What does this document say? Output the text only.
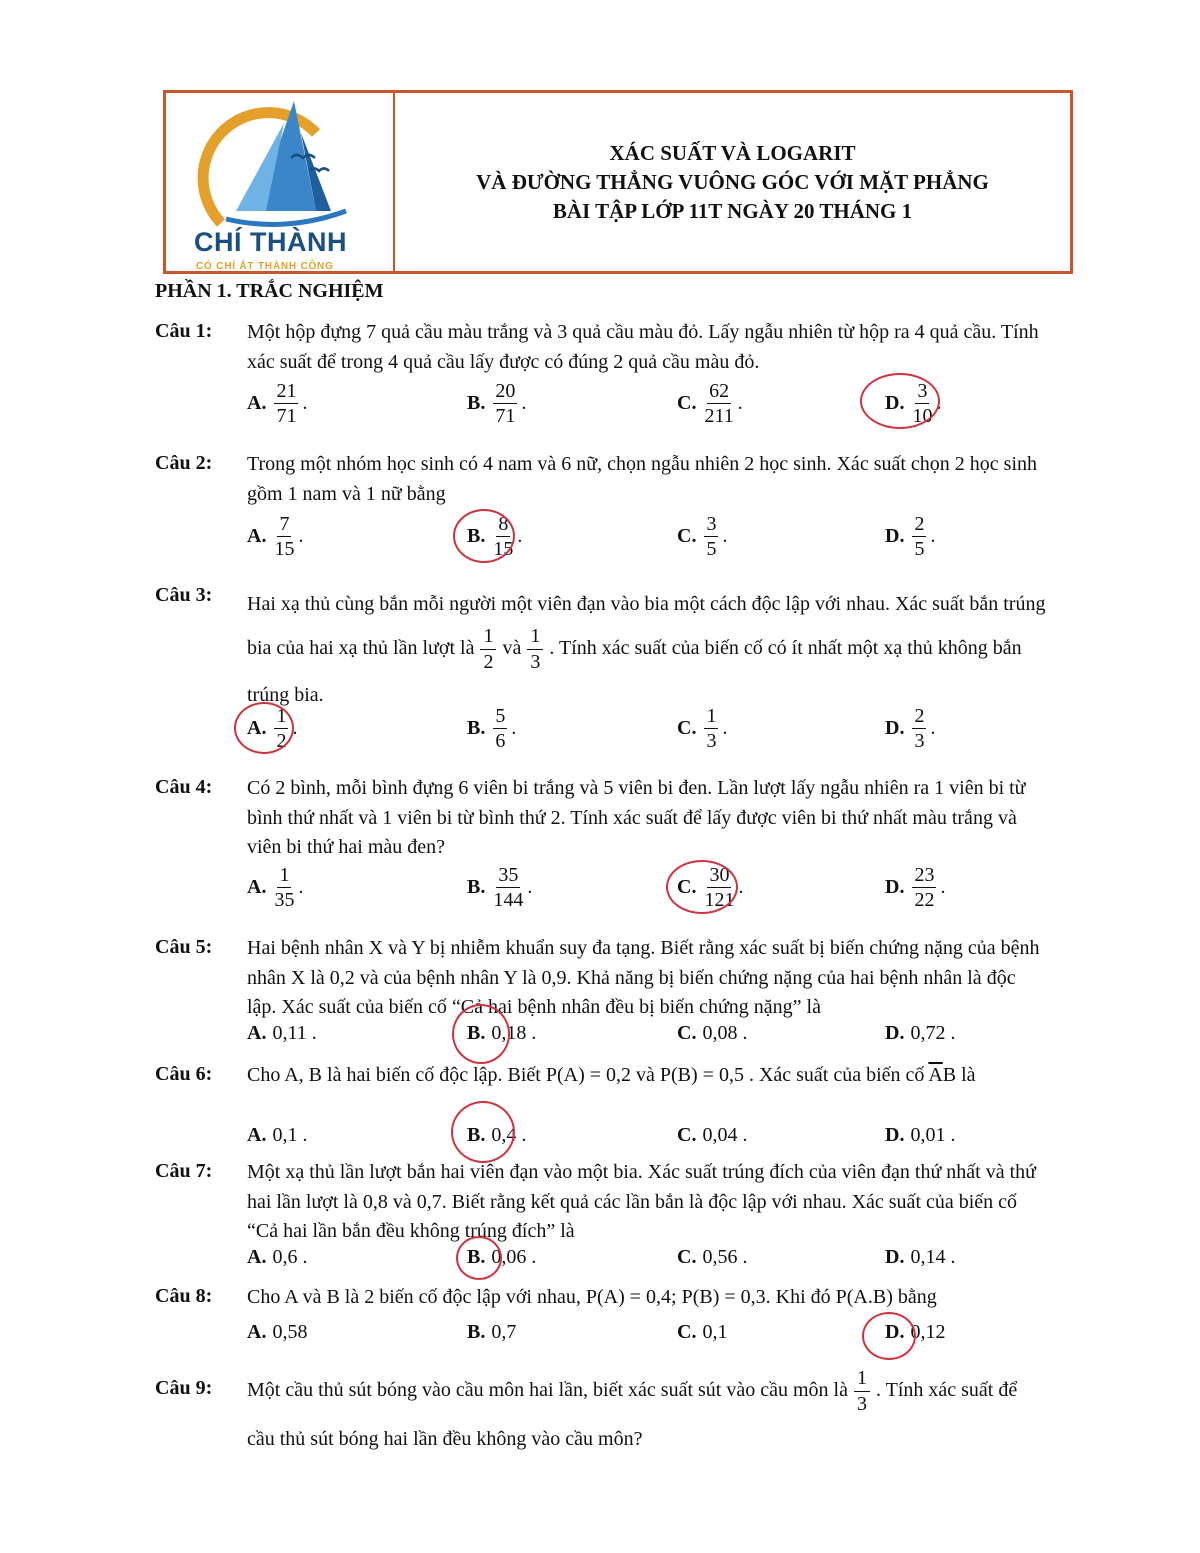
CHÍ THÀNH
CÓ CHÍ ẮT THÀNH CÔNG
XÁC SUẤT VÀ LOGARIT
VÀ ĐƯỜNG THẲNG VUÔNG GÓC VỚI MẶT PHẲNG
BÀI TẬP LỚP 11T NGÀY 20 THÁNG 1
PHẦN 1. TRẮC NGHIỆM
Câu 1: Một hộp đựng 7 quả cầu màu trắng và 3 quả cầu màu đỏ. Lấy ngẫu nhiên từ hộp ra 4 quả cầu. Tính xác suất để trong 4 quả cầu lấy được có đúng 2 quả cầu màu đỏ.
A. $\frac{21}{71}$ .	B. $\frac{20}{71}$ .	C. $\frac{62}{211}$ .	D. $\frac{3}{10}$ .
Câu 2: Trong một nhóm học sinh có 4 nam và 6 nữ, chọn ngẫu nhiên 2 học sinh. Xác suất chọn 2 học sinh gồm 1 nam và 1 nữ bằng
A. $\frac{7}{15}$ .	B. $\frac{8}{15}$ .	C. $\frac{3}{5}$ .	D. $\frac{2}{5}$ .
Câu 3: Hai xạ thủ cùng bắn mỗi người một viên đạn vào bia một cách độc lập với nhau. Xác suất bắn trúng bia của hai xạ thủ lần lượt là $\frac{1}{2}$ và $\frac{1}{3}$ . Tính xác suất của biến cố có ít nhất một xạ thủ không bắn trúng bia.
A. $\frac{1}{2}$ .	B. $\frac{5}{6}$ .	C. $\frac{1}{3}$ .	D. $\frac{2}{3}$ .
Câu 4: Có 2 bình, mỗi bình đựng 6 viên bi trắng và 5 viên bi đen. Lần lượt lấy ngẫu nhiên ra 1 viên bi từ bình thứ nhất và 1 viên bi từ bình thứ 2. Tính xác suất để lấy được viên bi thứ nhất màu trắng và viên bi thứ hai màu đen?
A. $\frac{1}{35}$ .	B. $\frac{35}{144}$ .	C. $\frac{30}{121}$ .	D. $\frac{23}{22}$ .
Câu 5: Hai bệnh nhân X và Y bị nhiễm khuẩn suy đa tạng. Biết rằng xác suất bị biến chứng nặng của bệnh nhân X là 0,2 và của bệnh nhân Y là 0,9. Khả năng bị biến chứng nặng của hai bệnh nhân là độc lập. Xác suất của biến cố “Cả hai bệnh nhân đều bị biến chứng nặng” là
A. 0,11 .	B. 0,18 .	C. 0,08 .	D. 0,72 .
Câu 6: Cho A, B là hai biến cố độc lập. Biết P(A) = 0,2 và P(B) = 0,5 . Xác suất của biến cố $\overline{A}B$ là
A. 0,1 .	B. 0,4 .	C. 0,04 .	D. 0,01 .
Câu 7: Một xạ thủ lần lượt bắn hai viên đạn vào một bia. Xác suất trúng đích của viên đạn thứ nhất và thứ hai lần lượt là 0,8 và 0,7. Biết rằng kết quả các lần bắn là độc lập với nhau. Xác suất của biến cố “Cả hai lần bắn đều không trúng đích” là
A. 0,6 .	B. 0,06 .	C. 0,56 .	D. 0,14 .
Câu 8: Cho A và B là 2 biến cố độc lập với nhau, P(A) = 0,4; P(B) = 0,3. Khi đó P(A.B) bằng
A. 0,58	B. 0,7	C. 0,1	D. 0,12
Câu 9: Một cầu thủ sút bóng vào cầu môn hai lần, biết xác suất sút vào cầu môn là $\frac{1}{3}$ . Tính xác suất để cầu thủ sút bóng hai lần đều không vào cầu môn?
